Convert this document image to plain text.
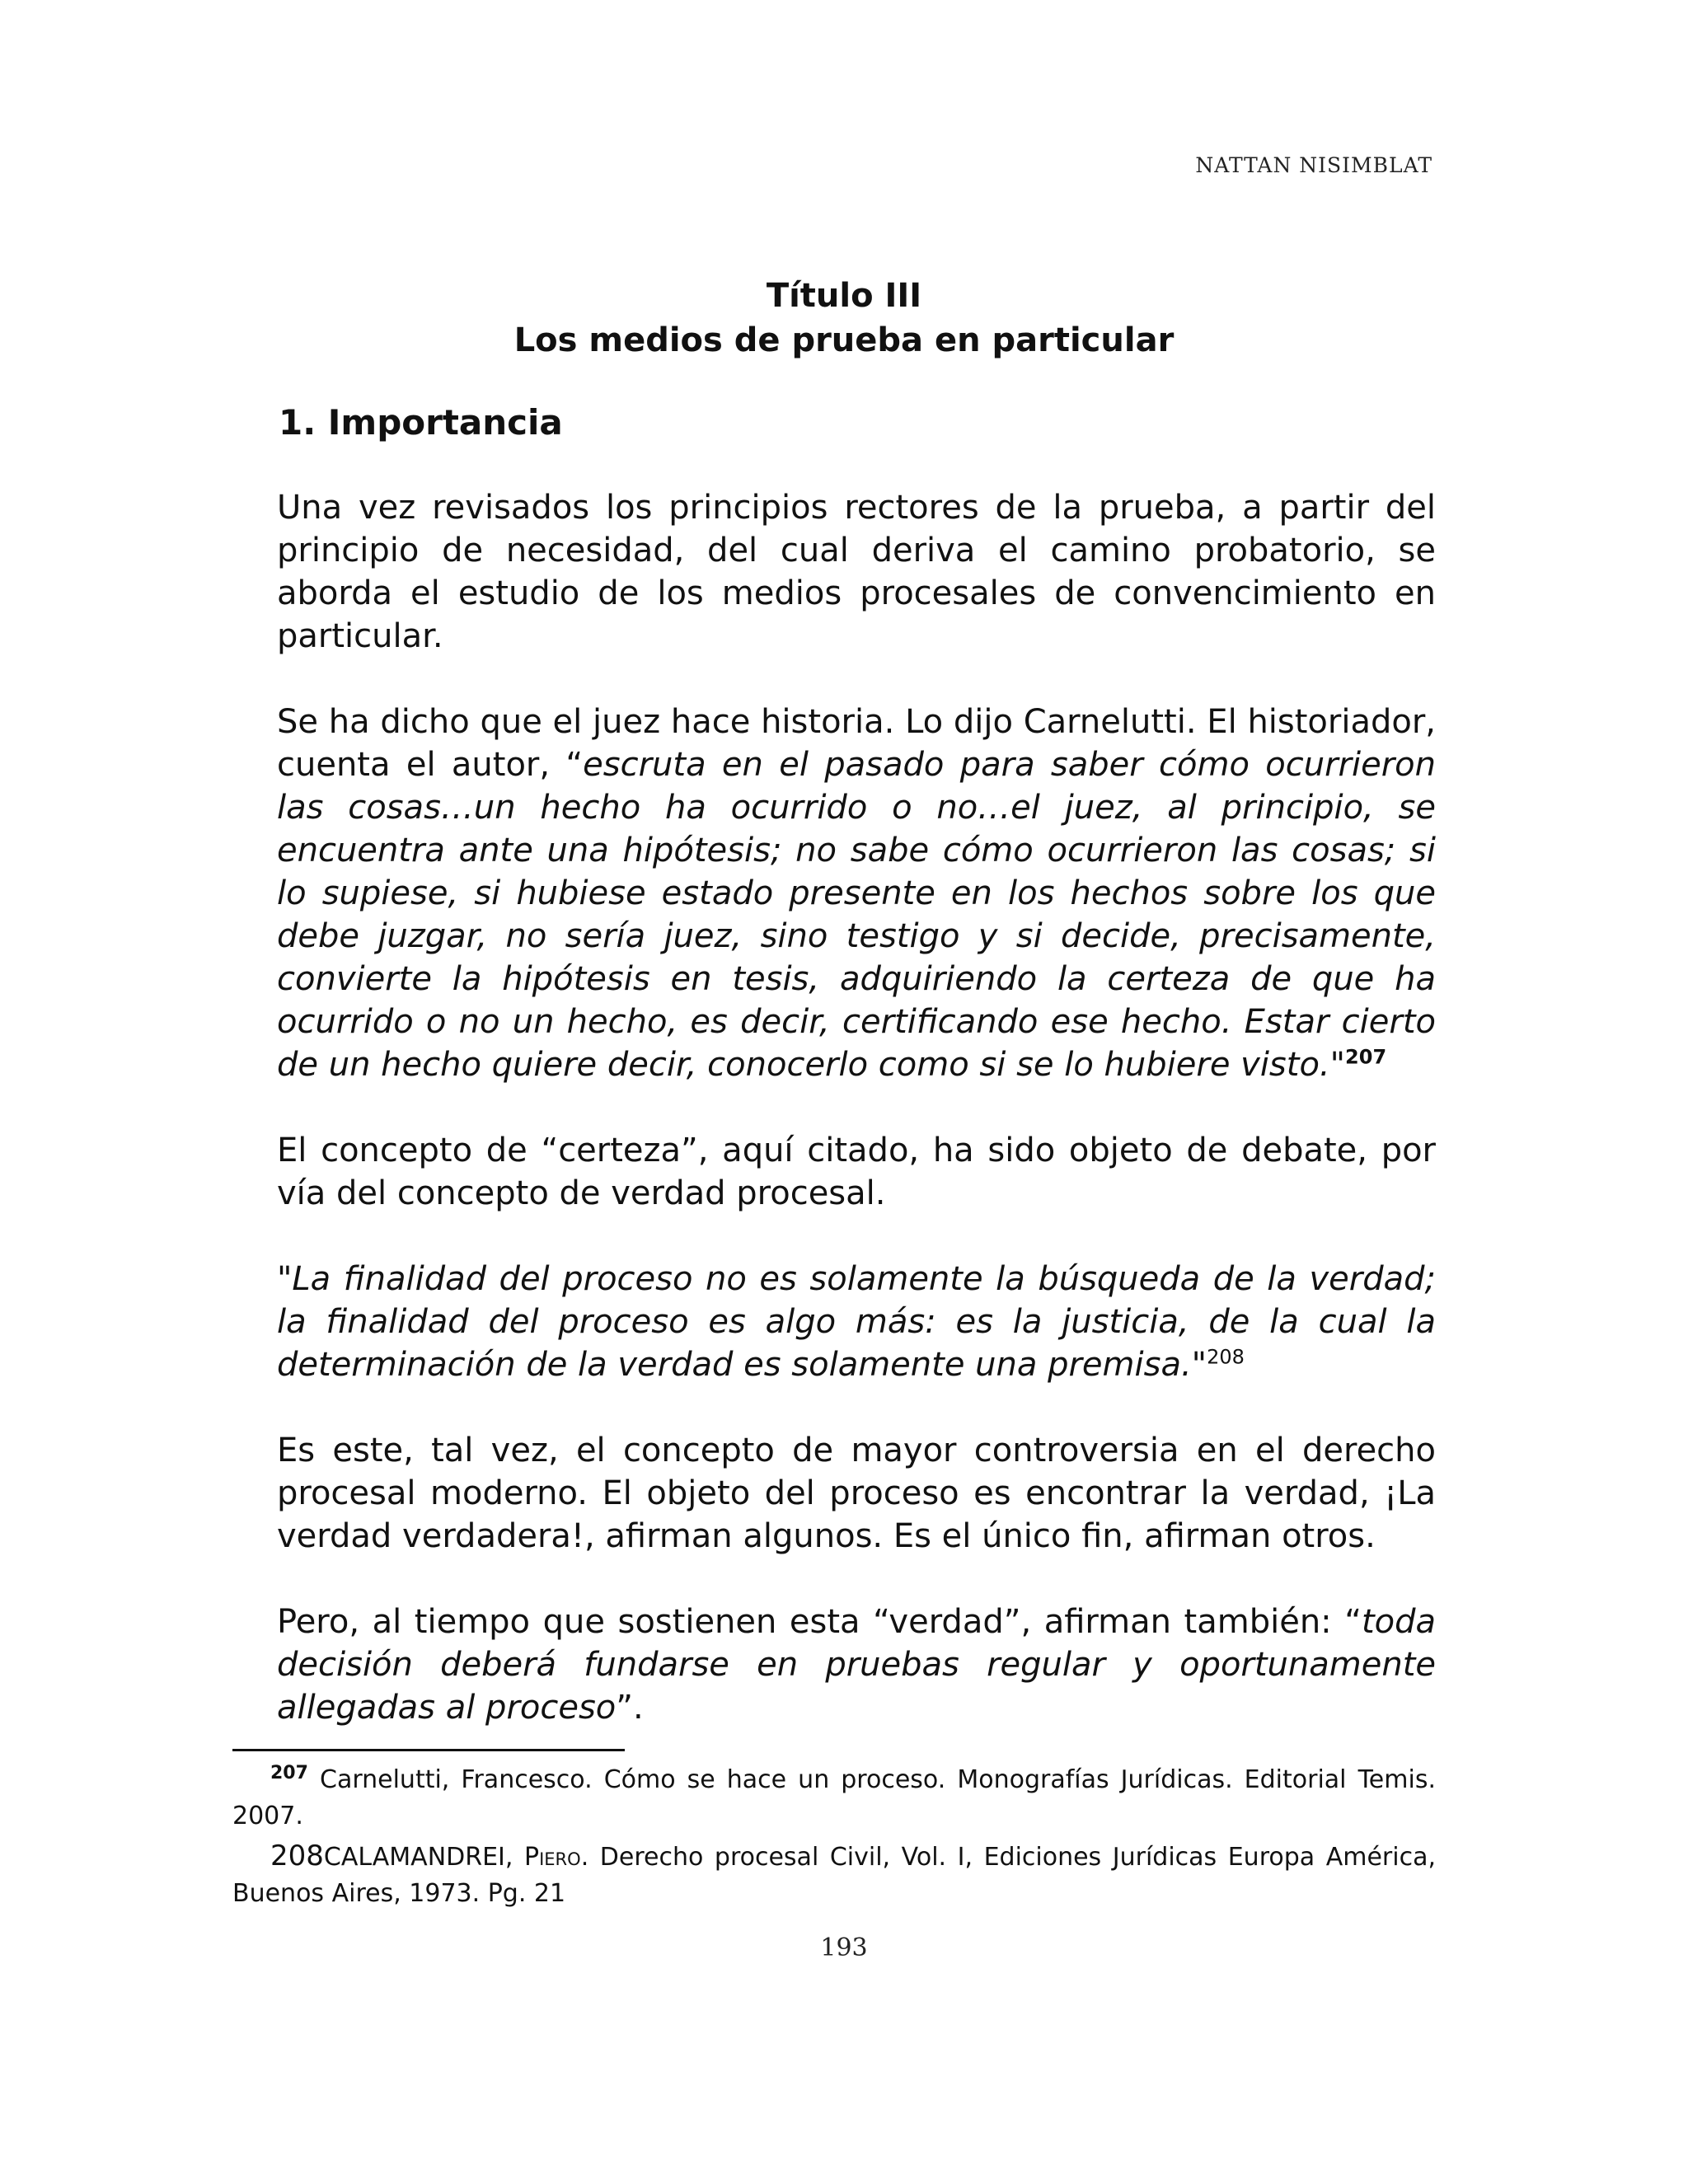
NATTAN NISIMBLAT
Título III
Los medios de prueba en particular
1. Importancia

Una vez revisados los principios rectores de la prueba, a partir del principio de necesidad, del cual deriva el camino probatorio, se aborda el estudio de los medios procesales de convencimiento en particular.

Se ha dicho que el juez hace historia. Lo dijo Carnelutti. El historiador, cuenta el autor, “escruta en el pasado para saber cómo ocurrieron las cosas…un hecho ha ocurrido o no…el juez, al principio, se encuentra ante una hipótesis; no sabe cómo ocurrieron las cosas; si lo supiese, si hubiese estado presente en los hechos sobre los que debe juzgar, no sería juez, sino testigo y si decide, precisamente, convierte la hipótesis en tesis, adquiriendo la certeza de que ha ocurrido o no un hecho, es decir, certificando ese hecho. Estar cierto de un hecho quiere decir, conocerlo como si se lo hubiere visto."$^{207}$

El concepto de “certeza”, aquí citado, ha sido objeto de debate, por vía del concepto de verdad procesal.

"La finalidad del proceso no es solamente la búsqueda de la verdad; la finalidad del proceso es algo más: es la justicia, de la cual la determinación de la verdad es solamente una premisa."$^{208}$

Es este, tal vez, el concepto de mayor controversia en el derecho procesal moderno. El objeto del proceso es encontrar la verdad, ¡La verdad verdadera!, afirman algunos. Es el único fin, afirman otros.

Pero, al tiempo que sostienen esta “verdad”, afirman también: “toda decisión deberá fundarse en pruebas regular y oportunamente allegadas al proceso”.

$^{207}$ Carnelutti, Francesco. Cómo se hace un proceso. Monografías Jurídicas. Editorial Temis. 2007.

208CALAMANDREI, Piero. Derecho procesal Civil, Vol. I, Ediciones Jurídicas Europa América, Buenos Aires, 1973. Pg. 21

193
